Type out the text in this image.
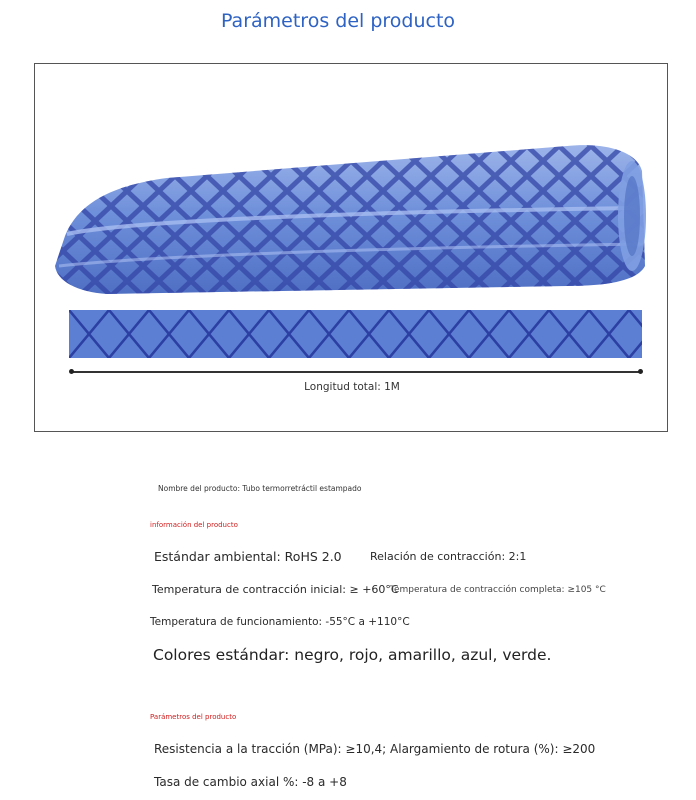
Parámetros del producto
Longitud total: 1M
Nombre del producto: Tubo termorretráctil estampado
información del producto
Estándar ambiental: RoHS 2.0	Relación de contracción: 2:1
Temperatura de contracción inicial: ≥ +60°C
Temperatura de contracción completa: ≥105 °C
Temperatura de funcionamiento: -55°C a +110°C
Colores estándar: negro, rojo, amarillo, azul, verde.
Parámetros del producto
Resistencia a la tracción (MPa): ≥10,4; Alargamiento de rotura (%): ≥200
Tasa de cambio axial %: -8 a +8
